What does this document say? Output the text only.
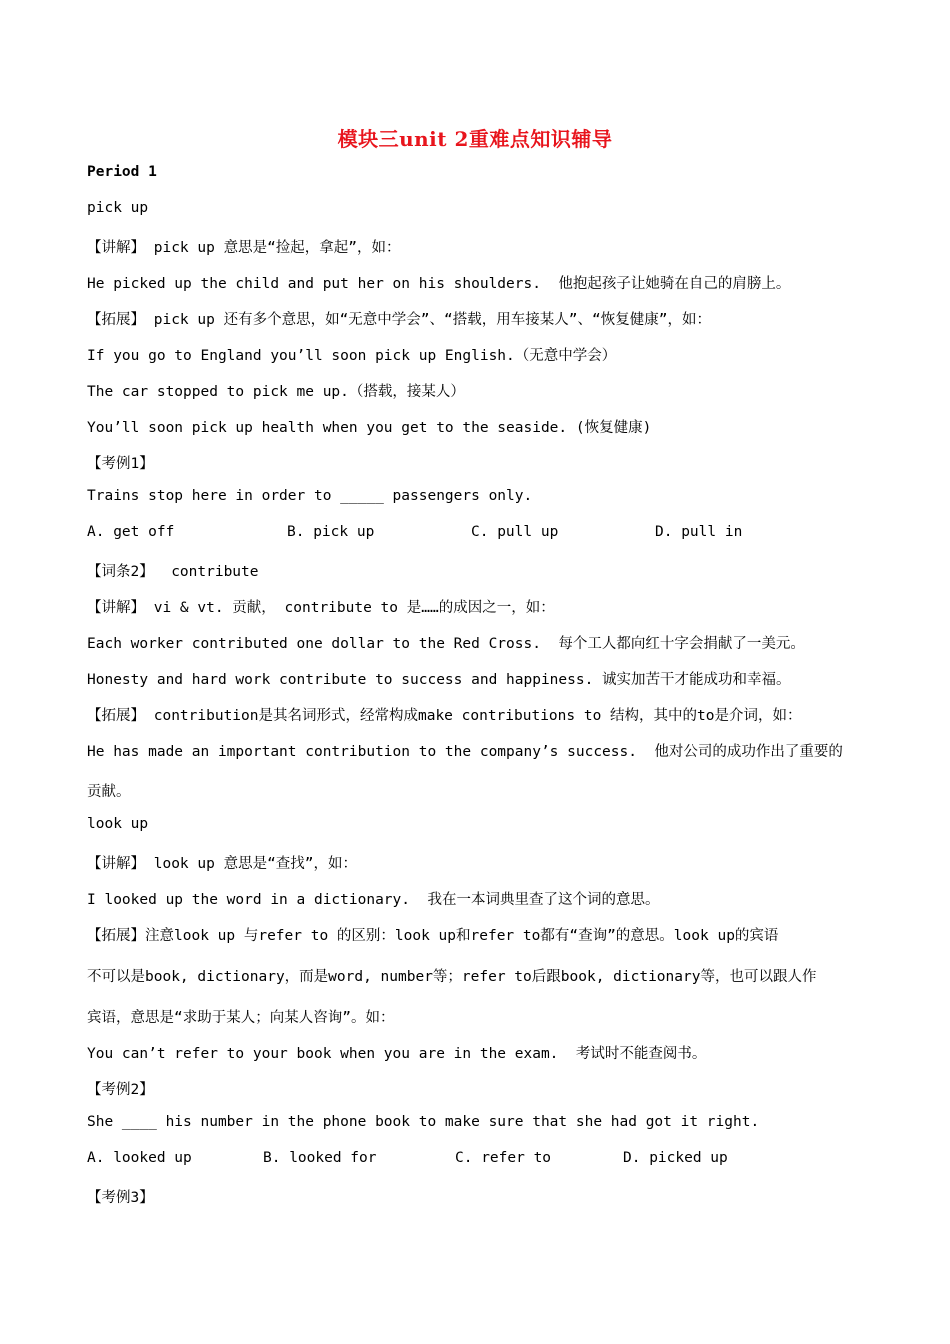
模块三unit 2重难点知识辅导
Period 1
pick up
【讲解】 pick up 意思是“捡起，拿起”，如：
He picked up the child and put her on his shoulders.  他抱起孩子让她骑在自己的肩膀上。
【拓展】 pick up 还有多个意思，如“无意中学会”、“搭载，用车接某人”、“恢复健康”，如：
If you go to England you’ll soon pick up English.（无意中学会）
The car stopped to pick me up.（搭载，接某人）
You’ll soon pick up health when you get to the seaside. (恢复健康)
【考例1】
Trains stop here in order to _____ passengers only.
A. get off	B. pick up	C. pull up	D. pull in
【词条2】  contribute
【讲解】 vi & vt. 贡献， contribute to 是……的成因之一，如：
Each worker contributed one dollar to the Red Cross.  每个工人都向红十字会捐献了一美元。
Honesty and hard work contribute to success and happiness. 诚实加苦干才能成功和幸福。
【拓展】 contribution是其名词形式，经常构成make contributions to 结构，其中的to是介词，如：
He has made an important contribution to the company’s success.  他对公司的成功作出了重要的
贡献。
look up
【讲解】 look up 意思是“查找”，如：
I looked up the word in a dictionary.  我在一本词典里查了这个词的意思。
【拓展】注意look up 与refer to 的区别：look up和refer to都有“查询”的意思。look up的宾语
不可以是book, dictionary，而是word, number等；refer to后跟book, dictionary等，也可以跟人作
宾语，意思是“求助于某人；向某人咨询”。如：
You can’t refer to your book when you are in the exam.  考试时不能查阅书。
【考例2】
She ____ his number in the phone book to make sure that she had got it right.
A. looked up	B. looked for	C. refer to	D. picked up
【考例3】
